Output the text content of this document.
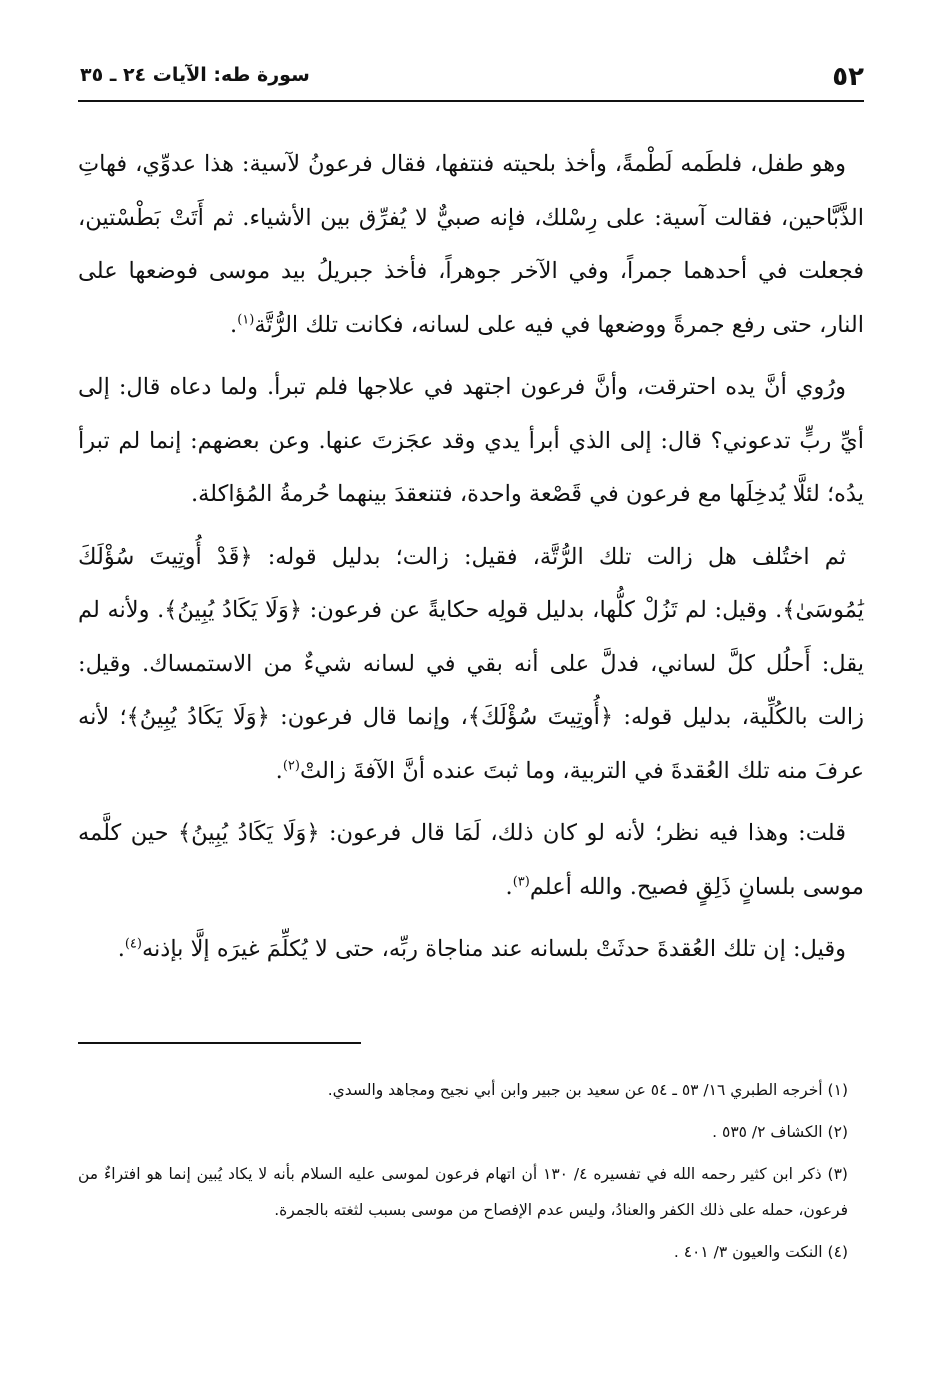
٥٢
سورة طه: الآيات ٢٤ ـ ٣٥

وهو طفل، فلطَمه لَطْمةً، وأخذ بلحيته فنتفها، فقال فرعونُ لآسية: هذا عدوِّي، فهاتِ الذَّبَّاحين، فقالت آسية: على رِسْلك، فإنه صبيٌّ لا يُفرِّق بين الأشياء. ثم أَتَتْ بَطْسْتين، فجعلت في أحدهما جمراً، وفي الآخر جوهراً، فأخذ جبريلُ بيد موسى فوضعها على النار، حتى رفع جمرةً ووضعها في فيه على لسانه، فكانت تلك الرُّتَّة$^{(١)}$.

ورُوي أنَّ يده احترقت، وأنَّ فرعون اجتهد في علاجها فلم تبرأ. ولما دعاه قال: إلى أيِّ ربٍّ تدعوني؟ قال: إلى الذي أبرأ يدي وقد عجَزتَ عنها. وعن بعضهم: إنما لم تبرأ يدُه؛ لئلَّا يُدخِلَها مع فرعون في قَصْعة واحدة، فتنعقدَ بينهما حُرمةُ المُؤاكلة.

ثم اختُلف هل زالت تلك الرُّتَّة، فقيل: زالت؛ بدليل قوله: ﴿قَدْ أُوتِيتَ سُؤْلَكَ يَٰمُوسَىٰ﴾. وقيل: لم تَزُلْ كلُّها، بدليل قولِه حكايةً عن فرعون: ﴿وَلَا يَكَادُ يُبِينُ﴾. ولأنه لم يقل: أَحلُل كلَّ لساني، فدلَّ على أنه بقي في لسانه شيءٌ من الاستمساك. وقيل: زالت بالكُلِّية، بدليل قوله: ﴿أُوتِيتَ سُؤْلَكَ﴾، وإنما قال فرعون: ﴿وَلَا يَكَادُ يُبِينُ﴾؛ لأنه عرفَ منه تلك العُقدةَ في التربية، وما ثبتَ عنده أنَّ الآفةَ زالتْ$^{(٢)}$.

قلت: وهذا فيه نظر؛ لأنه لو كان ذلك، لَمَا قال فرعون: ﴿وَلَا يَكَادُ يُبِينُ﴾ حين كلَّمه موسى بلسانٍ ذَلِقٍ فصيح. والله أعلم$^{(٣)}$.

وقيل: إن تلك العُقدةَ حدثَتْ بلسانه عند مناجاة ربِّه، حتى لا يُكلِّمَ غيرَه إلَّا بإذنه$^{(٤)}$.

(١) أخرجه الطبري ١٦/ ٥٣ ـ ٥٤ عن سعيد بن جبير وابن أبي نجيح ومجاهد والسدي.

(٢) الكشاف ٢/ ٥٣٥ .

(٣) ذكر ابن كثير رحمه الله في تفسيره ٤/ ١٣٠ أن اتهام فرعون لموسى عليه السلام بأنه لا يكاد يُبين إنما هو افتراءٌ من فرعون، حمله على ذلك الكفر والعنادُ، وليس عدم الإفصاح من موسى بسبب لثغته بالجمرة.

(٤) النكت والعيون ٣/ ٤٠١ .
